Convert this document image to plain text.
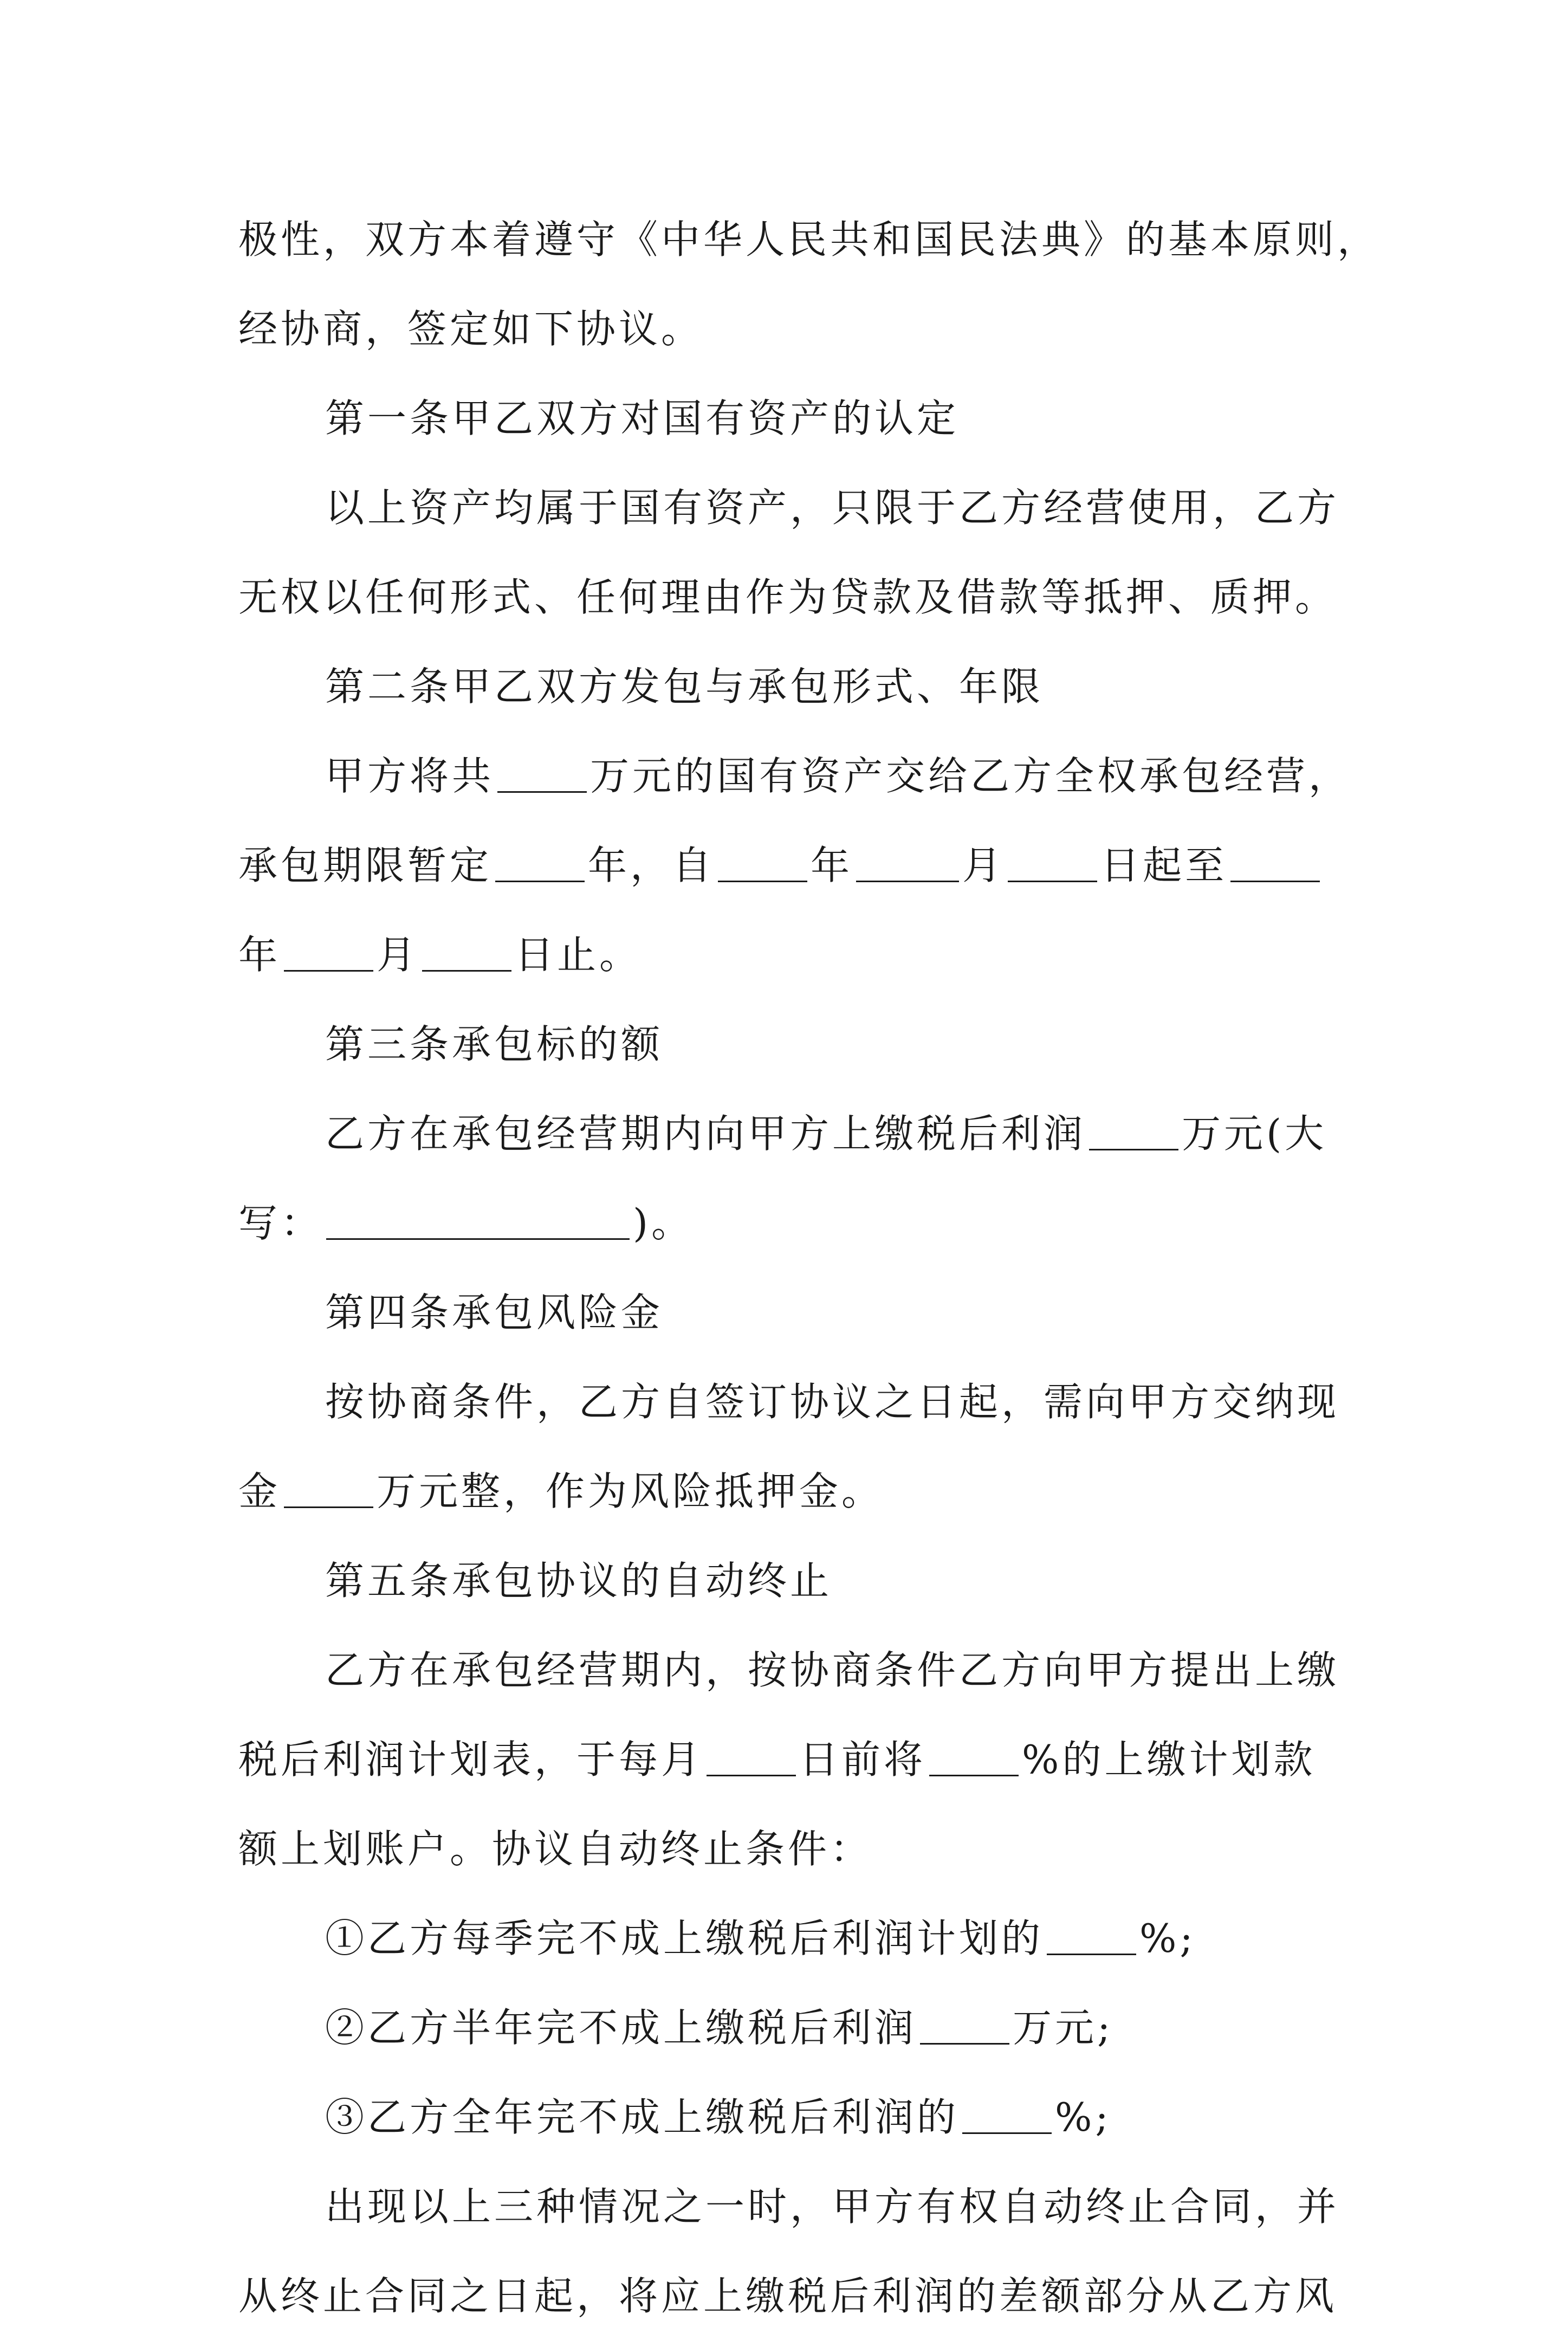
极性，双方本着遵守《中华人民共和国民法典》的基本原则，
经协商，签定如下协议。
第一条甲乙双方对国有资产的认定
以上资产均属于国有资产，只限于乙方经营使用，乙方
无权以任何形式、任何理由作为贷款及借款等抵押、质押。
第二条甲乙双方发包与承包形式、年限
甲方将共 万元的国有资产交给乙方全权承包经营，
承包期限暂定 年，自 年	月 日起至
年 月 日止。
第三条承包标的额
乙方在承包经营期内向甲方上缴税后利润 万元(大
写：	)。
第四条承包风险金
按协商条件，乙方自签订协议之日起，需向甲方交纳现
金 万元整，作为风险抵押金。
第五条承包协议的自动终止
乙方在承包经营期内，按协商条件乙方向甲方提出上缴
税后利润计划表，于每月 日前将 %的上缴计划款
额上划账户。协议自动终止条件：
①乙方每季完不成上缴税后利润计划的 %;
②乙方半年完不成上缴税后利润 万元;
③乙方全年完不成上缴税后利润的 %;
出现以上三种情况之一时，甲方有权自动终止合同，并
从终止合同之日起，将应上缴税后利润的差额部分从乙方风
